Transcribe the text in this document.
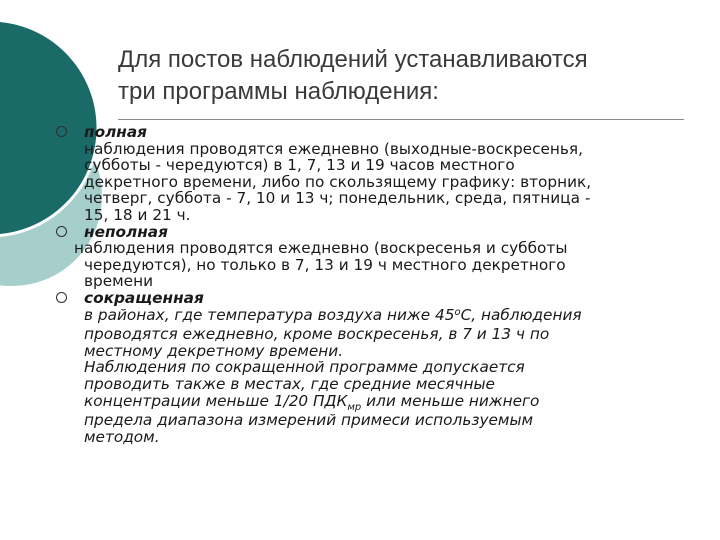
Для постов наблюдений устанавливаются
три программы наблюдения:
полная
наблюдения проводятся ежедневно (выходные-воскресенья,
субботы - чередуются) в 1, 7, 13 и 19 часов местного
декретного времени, либо по скользящему графику: вторник,
четверг, суббота - 7, 10 и 13 ч; понедельник, среда, пятница -
15, 18 и 21 ч.
неполная
наблюдения проводятся ежедневно (воскресенья и субботы
чередуются), но только в 7, 13 и 19 ч местного декретного
времени
сокращенная
в районах, где температура воздуха ниже $45^оС$, наблюдения
проводятся ежедневно, кроме воскресенья, в 7 и 13 ч по
местному декретному времени.
Наблюдения по сокращенной программе допускается
проводить также в местах, где средние месячные
концентрации меньше 1/20 $ПДК_{мр}$ или меньше нижнего
предела диапазона измерений примеси используемым
методом.
